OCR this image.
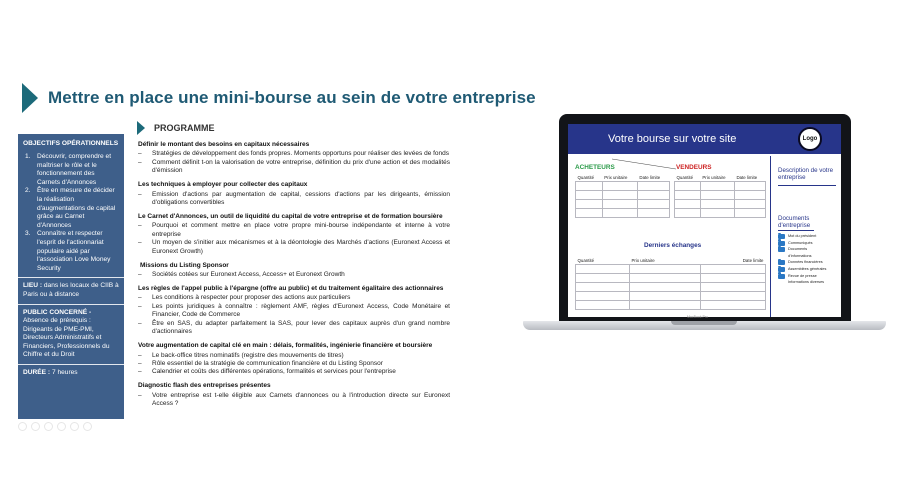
Mettre en place une mini-bourse au sein de votre entreprise
OBJECTIFS OPÉRATIONNELS
1. Découvrir, comprendre et maîtriser le rôle et le fonctionnement des Carnets d'Annonces
2. Être en mesure de décider la réalisation d'augmentations de capital grâce au Carnet d'Annonces
3. Connaître et respecter l'esprit de l'actionnariat populaire aidé par l'association Love Money Security
LIEU : dans les locaux de CIIB à Paris ou à distance
PUBLIC CONCERNÉ -
Absence de prérequis : Dirigeants de PME-PMI, Directeurs Administratifs et Financiers, Professionnels du Chiffre et du Droit
DURÉE : 7 heures
PROGRAMME
Définir le montant des besoins en capitaux nécessaires
–	Stratégies de développement des fonds propres. Moments opportuns pour réaliser des levées de fonds
–	Comment définit t-on la valorisation de votre entreprise, définition du prix d'une action et des modalités d'émission
Les techniques à employer pour collecter des capitaux
–	Emission d'actions par augmentation de capital, cessions d'actions par les dirigeants, émission d'obligations convertibles
Le Carnet d'Annonces, un outil de liquidité du capital de votre entreprise et de formation boursière
–	Pourquoi et comment mettre en place votre propre mini-bourse indépendante et interne à votre entreprise
–	Un moyen de s'initier aux mécanismes et à la déontologie des Marchés d'actions (Euronext Access et Euronext Growth)
Missions du Listing Sponsor
–	Sociétés cotées sur Euronext Access, Access+ et Euronext Growth
Les règles de l'appel public à l'épargne (offre au public) et du traitement égalitaire des actionnaires
–	Les conditions à respecter pour proposer des actions aux particuliers
–	Les points juridiques à connaître : règlement AMF, règles d'Euronext Access, Code Monétaire et Financier, Code de Commerce
–	Être en SAS, du adapter parfaitement la SAS, pour lever des capitaux auprès d'un grand nombre d'actionnaires
Votre augmentation de capital clé en main : délais, formalités, ingénierie financière et boursière
–	Le back-office titres nominatifs (registre des mouvements de titres)
–	Rôle essentiel de la stratégie de communication financière et du Listing Sponsor
–	Calendrier et coûts des différentes opérations, formalités et services pour l'entreprise
Diagnostic flash des entreprises présentes
–	Votre entreprise est t-elle éligible aux Carnets d'annonces ou à l'introduction directe sur Euronext Access ?
Votre bourse sur votre site	Logo
ACHETEURS	VENDEURS
Quantité	Prix unitaire	Date limite

			Quantité	Prix unitaire	Date limite

Derniers échanges
Quantité	Prix unitaire	Date limite

Description de votre entreprise
Documents d'entreprise
Mot du président
Communiqués
Documents
d'informations
Données financières
Assemblées générales
Revue de presse
Informations diverses
MacBook Pro
